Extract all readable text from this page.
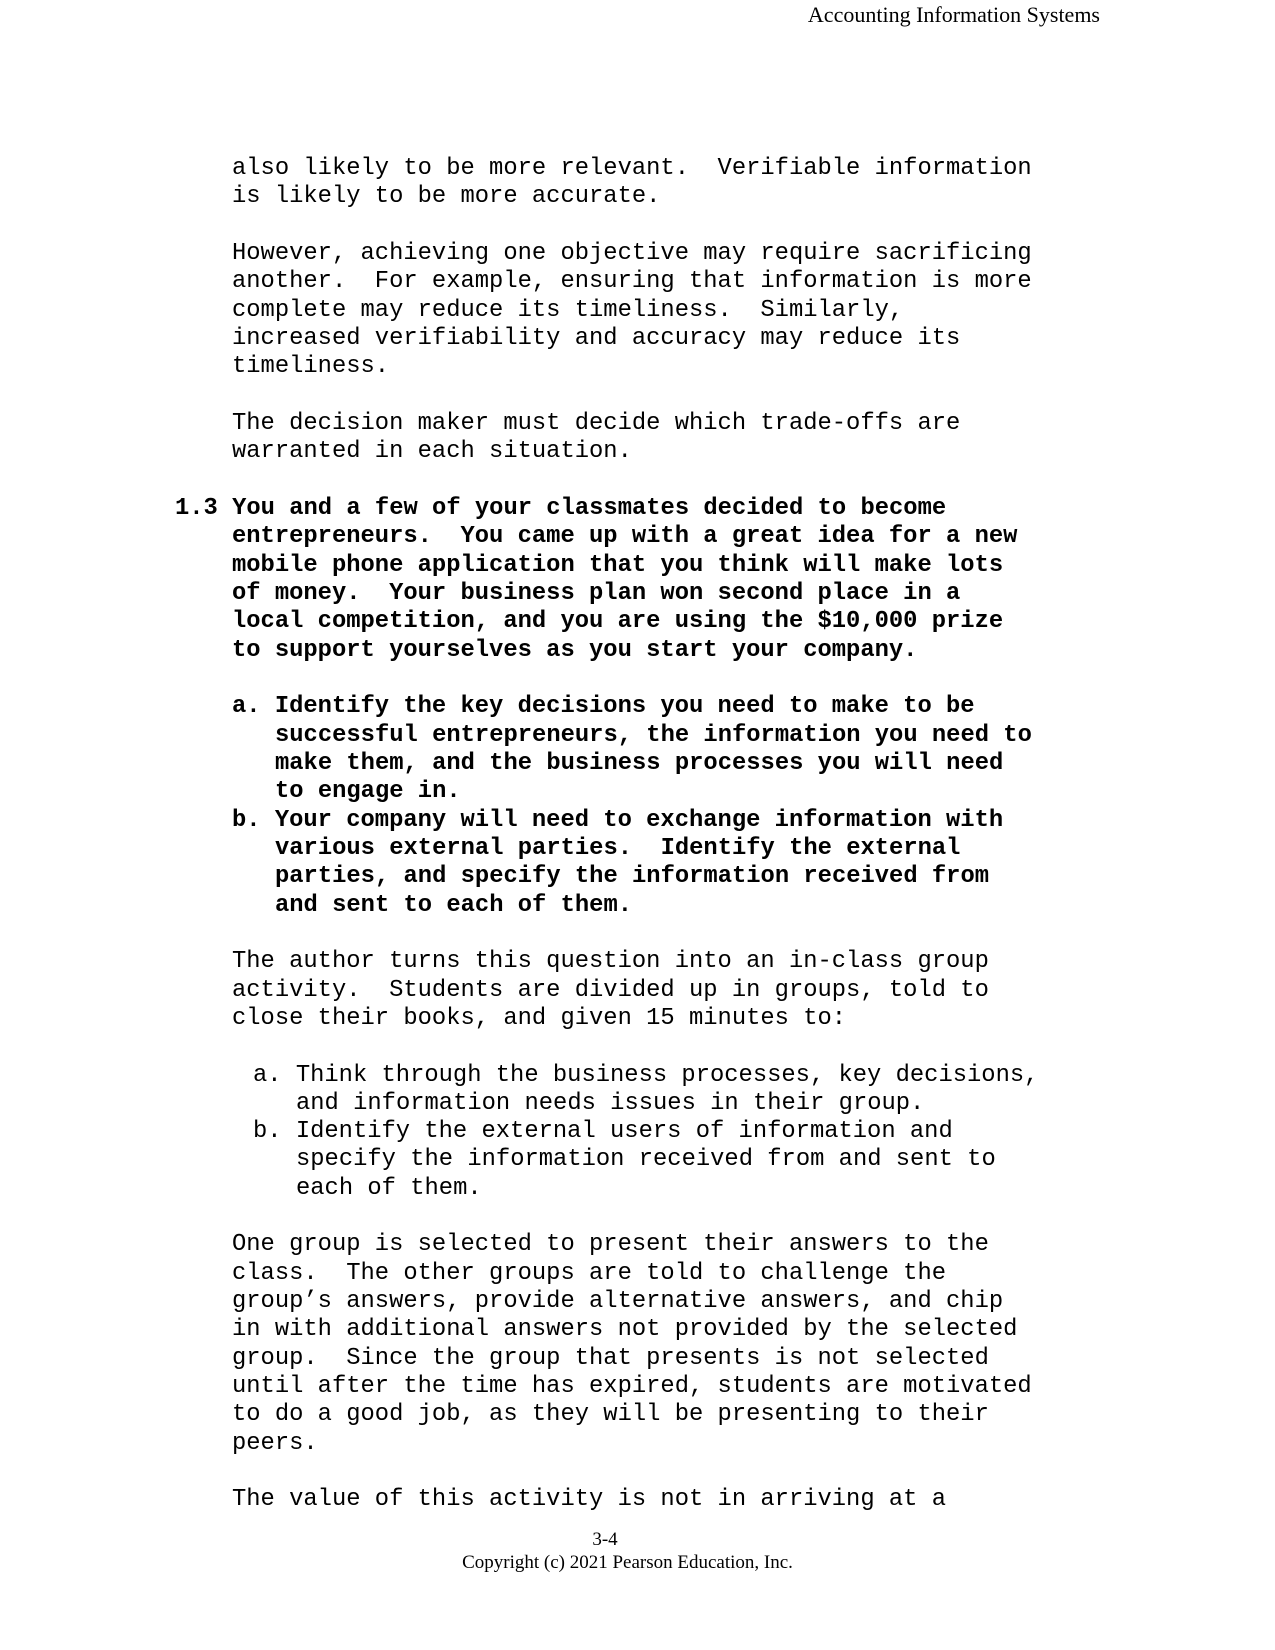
Accounting Information Systems
also likely to be more relevant.  Verifiable information
is likely to be more accurate.
However, achieving one objective may require sacrificing
another.  For example, ensuring that information is more
complete may reduce its timeliness.  Similarly,
increased verifiability and accuracy may reduce its
timeliness.
The decision maker must decide which trade-offs are
warranted in each situation.
1.3 You and a few of your classmates decided to become
entrepreneurs.  You came up with a great idea for a new
mobile phone application that you think will make lots
of money.  Your business plan won second place in a
local competition, and you are using the $10,000 prize
to support yourselves as you start your company.
a. Identify the key decisions you need to make to be
successful entrepreneurs, the information you need to
make them, and the business processes you will need
to engage in.
b. Your company will need to exchange information with
various external parties.  Identify the external
parties, and specify the information received from
and sent to each of them.
The author turns this question into an in-class group
activity.  Students are divided up in groups, told to
close their books, and given 15 minutes to:
a. Think through the business processes, key decisions,
and information needs issues in their group.
b. Identify the external users of information and
specify the information received from and sent to
each of them.
One group is selected to present their answers to the
class.  The other groups are told to challenge the
group’s answers, provide alternative answers, and chip
in with additional answers not provided by the selected
group.  Since the group that presents is not selected
until after the time has expired, students are motivated
to do a good job, as they will be presenting to their
peers.
The value of this activity is not in arriving at a
3-4
Copyright (c) 2021 Pearson Education, Inc.
